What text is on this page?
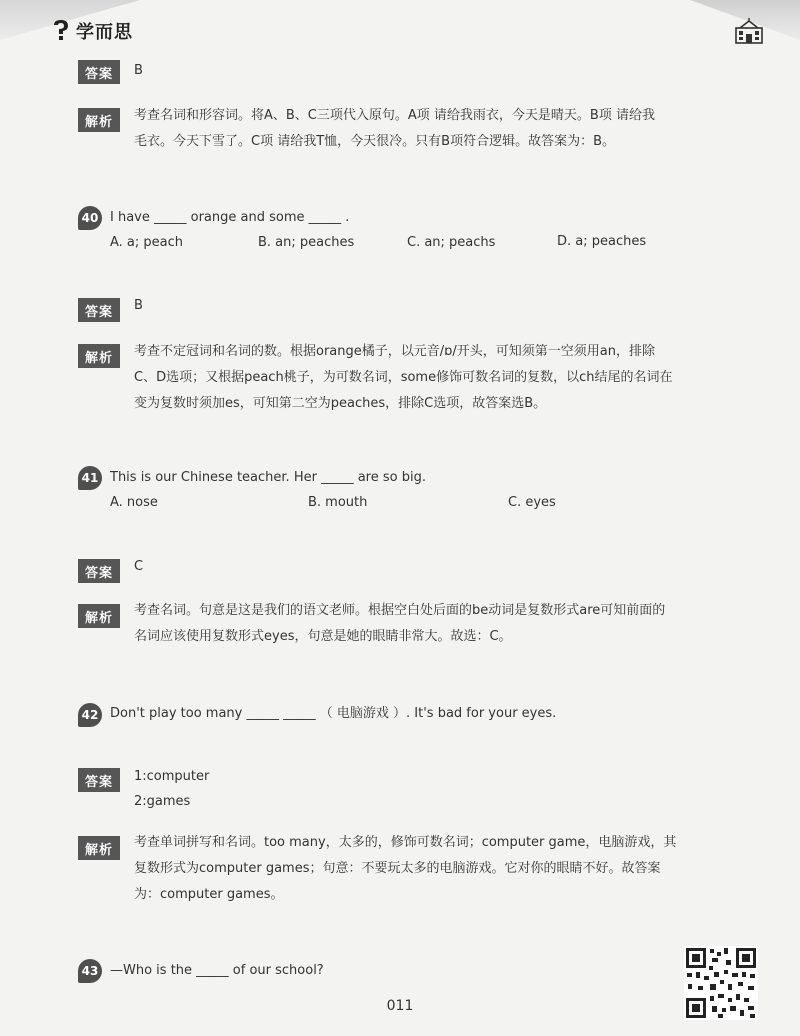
学而思
答案	B
解析	考查名词和形容词。将A、B、C三项代入原句。A项 请给我雨衣，今天是晴天。B项 请给我
毛衣。今天下雪了。C项 请给我T恤，今天很冷。只有B项符合逻辑。故答案为：B。
40 I have _____ orange and some _____ .
A. a; peach	B. an; peaches	C. an; peachs	D. a; peaches
答案	B
解析	考查不定冠词和名词的数。根据orange橘子，以元音/ɒ/开头，可知须第一空须用an，排除
C、D选项；又根据peach桃子，为可数名词，some修饰可数名词的复数，以ch结尾的名词在
变为复数时须加es，可知第二空为peaches，排除C选项，故答案选B。
41 This is our Chinese teacher. Her _____ are so big.
A. nose	B. mouth	C. eyes
答案	C
解析	考查名词。句意是这是我们的语文老师。根据空白处后面的be动词是复数形式are可知前面的
名词应该使用复数形式eyes，句意是她的眼睛非常大。故选：C。
42 Don't play too many _____ _____ （ 电脑游戏 ）. It's bad for your eyes.
答案	1:computer
2:games
解析	考查单词拼写和名词。too many，太多的，修饰可数名词；computer game，电脑游戏，其
复数形式为computer games；句意：不要玩太多的电脑游戏。它对你的眼睛不好。故答案
为：computer games。
43 —Who is the _____ of our school?
011
